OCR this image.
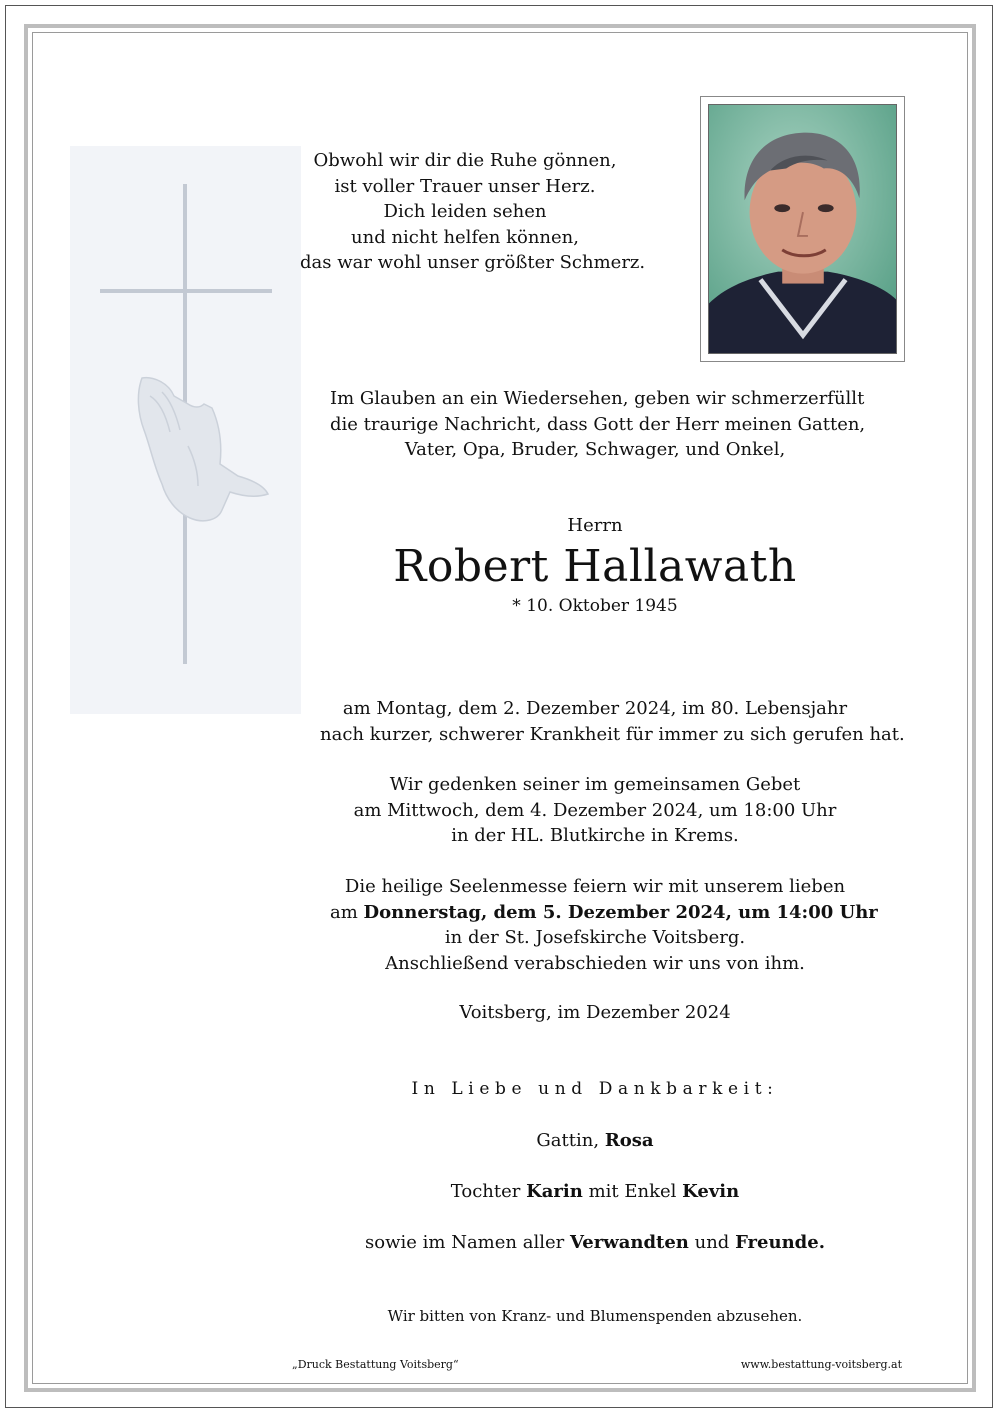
Obwohl wir dir die Ruhe gönnen,
ist voller Trauer unser Herz.
Dich leiden sehen
und nicht helfen können,
das war wohl unser größter Schmerz.
Im Glauben an ein Wiedersehen, geben wir schmerzerfüllt
die traurige Nachricht, dass Gott der Herr meinen Gatten,
Vater, Opa, Bruder, Schwager, und Onkel,
Herrn
Robert Hallawath
* 10. Oktober 1945
am Montag, dem 2. Dezember 2024, im 80. Lebensjahr
nach kurzer, schwerer Krankheit für immer zu sich gerufen hat.
Wir gedenken seiner im gemeinsamen Gebet
am Mittwoch, dem 4. Dezember 2024, um 18:00 Uhr
in der HL. Blutkirche in Krems.
Die heilige Seelenmesse feiern wir mit unserem lieben
am Donnerstag, dem 5. Dezember 2024, um 14:00 Uhr
in der St. Josefskirche Voitsberg.
Anschließend verabschieden wir uns von ihm.
Voitsberg, im Dezember 2024
In Liebe und Dankbarkeit:
Gattin, Rosa
Tochter Karin mit Enkel Kevin
sowie im Namen aller Verwandten und Freunde.
Wir bitten von Kranz- und Blumenspenden abzusehen.
„Druck Bestattung Voitsberg“	www.bestattung-voitsberg.at
